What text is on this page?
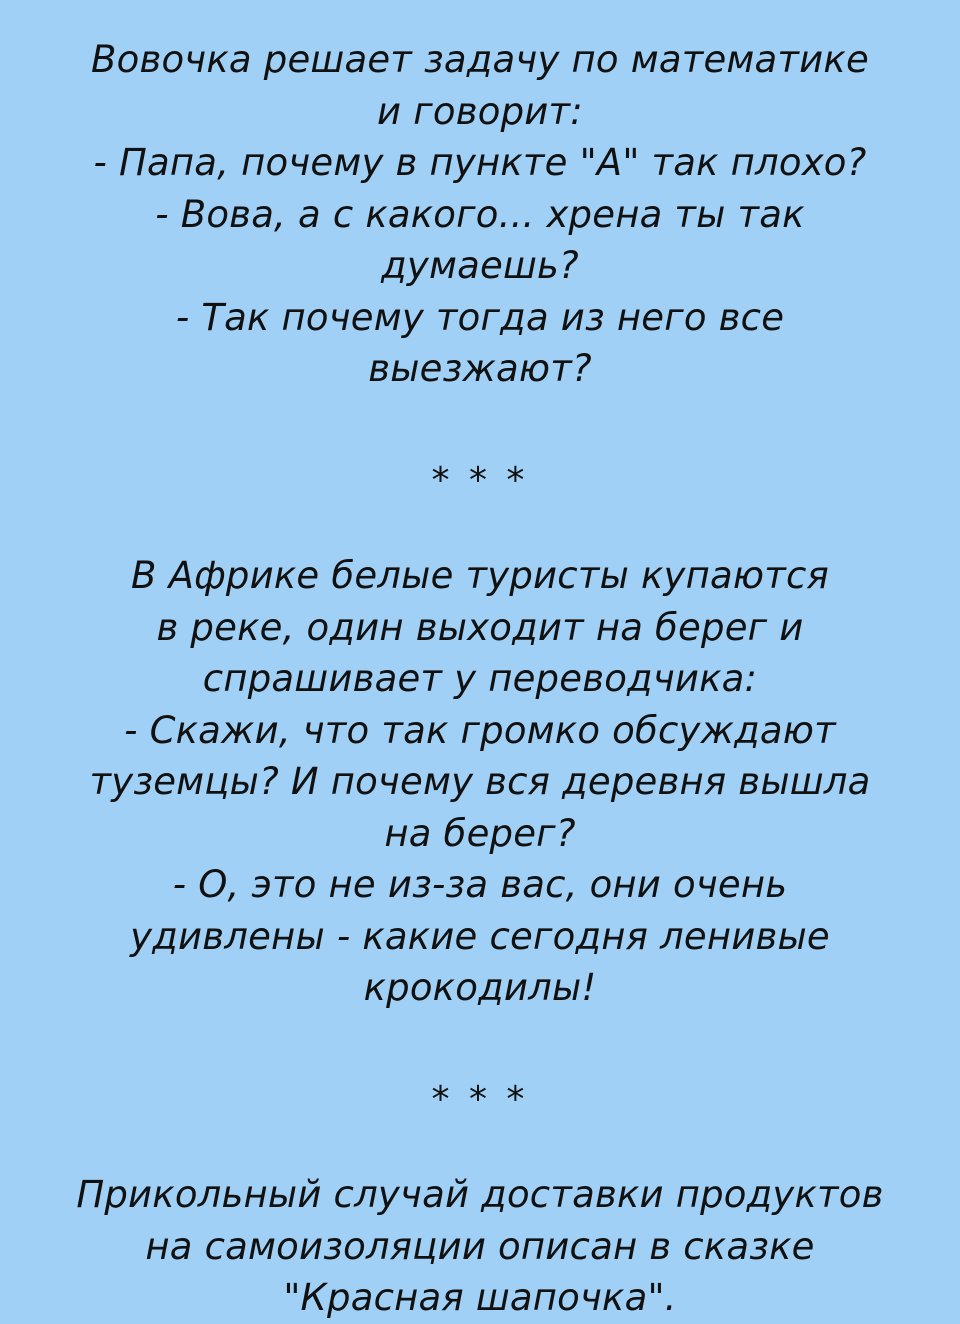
Вовочка решает задачу по математике
и говорит:
- Папа, почему в пункте "А" так плохо?
- Вова, а с какого... хрена ты так
думаешь?
- Так почему тогда из него все
выезжают?
* * *
В Африке белые туристы купаются
в реке, один выходит на берег и
спрашивает у переводчика:
- Скажи, что так громко обсуждают
туземцы? И почему вся деревня вышла
на берег?
- О, это не из-за вас, они очень
удивлены - какие сегодня ленивые
крокодилы!
* * *
Прикольный случай доставки продуктов
на самоизоляции описан в сказке
"Красная шапочка".
